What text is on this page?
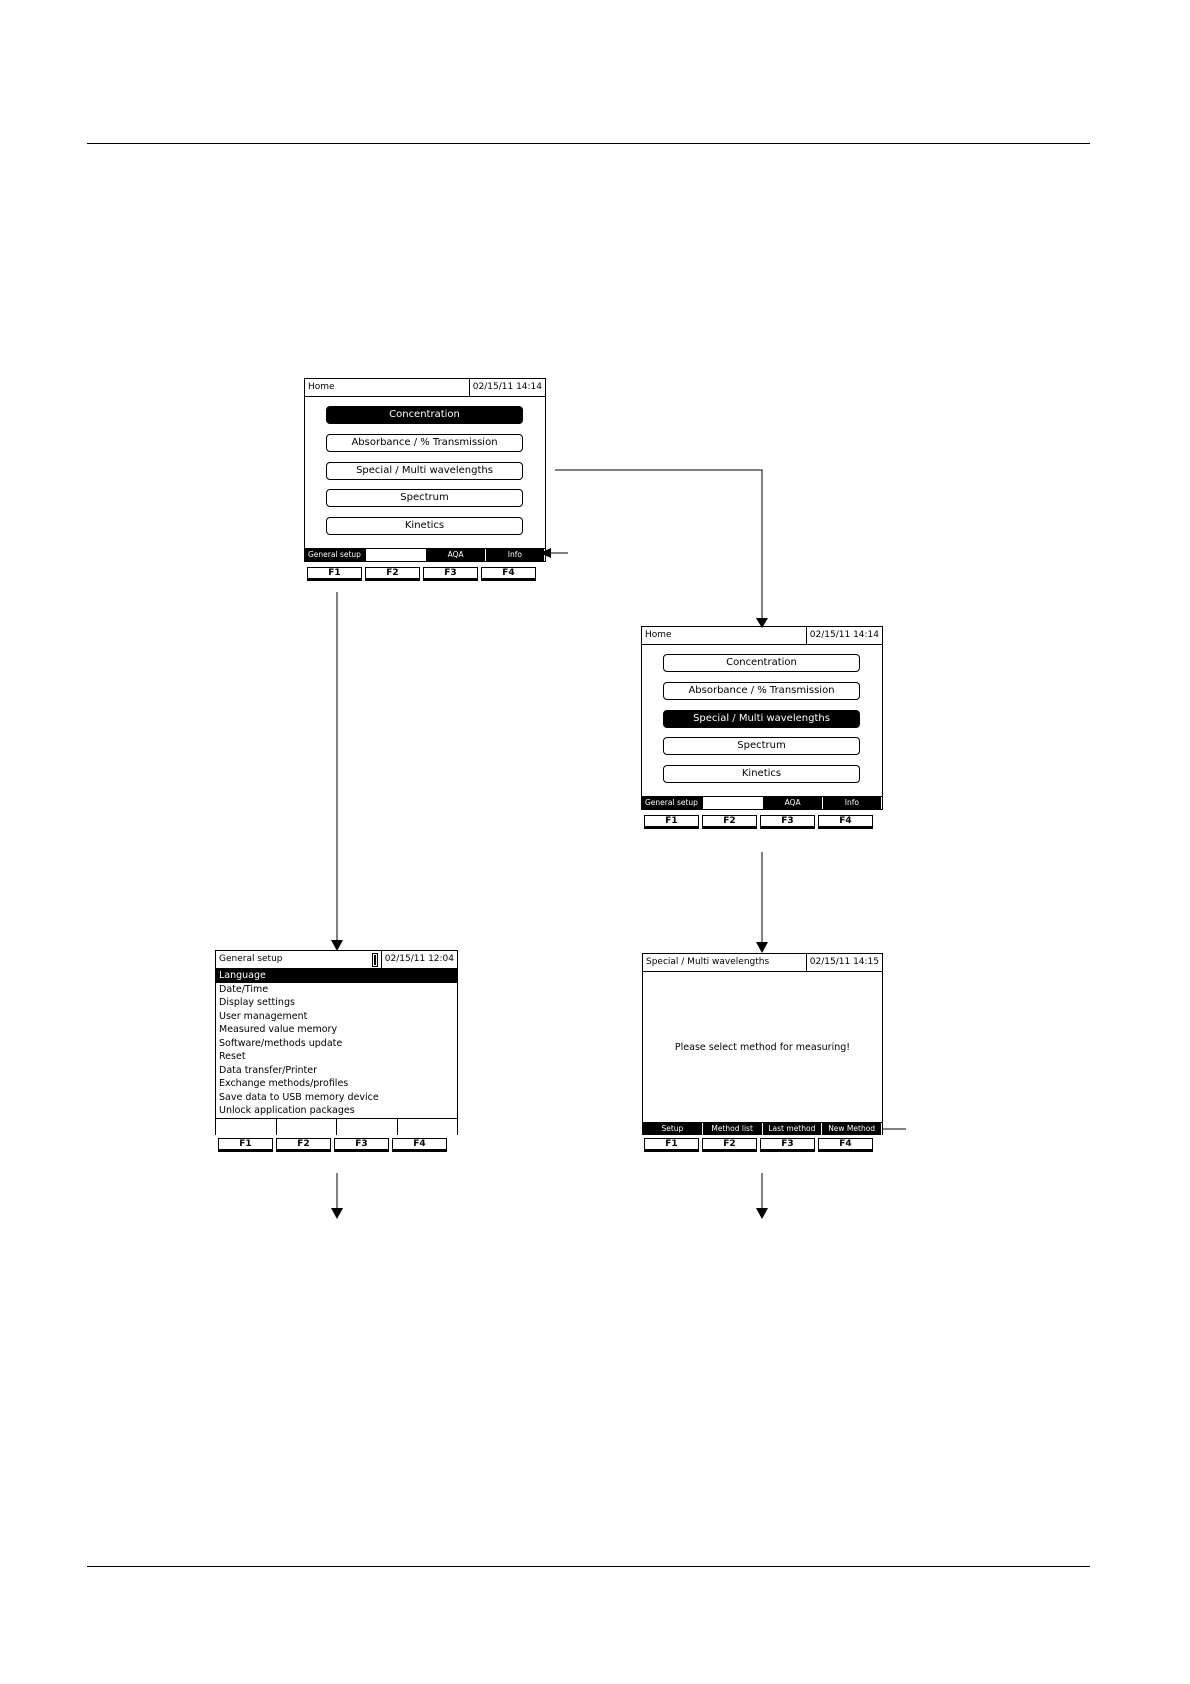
Home	02/15/11 14:14
Concentration
Absorbance / % Transmission
Special / Multi wavelengths
Spectrum
Kinetics
General setup	AQA	Info
F1	F2	F3	F4
Home	02/15/11 14:14
Concentration
Absorbance / % Transmission
Special / Multi wavelengths
Spectrum
Kinetics
General setup	AQA	Info
F1	F2	F3	F4
General setup	02/15/11 12:04
Language
Date/Time
Display settings
User management
Measured value memory
Software/methods update
Reset
Data transfer/Printer
Exchange methods/profiles
Save data to USB memory device
Unlock application packages
F1	F2	F3	F4
Special / Multi wavelengths	02/15/11 14:15
Please select method for measuring!
Setup	Method list	Last method	New Method
F1	F2	F3	F4
